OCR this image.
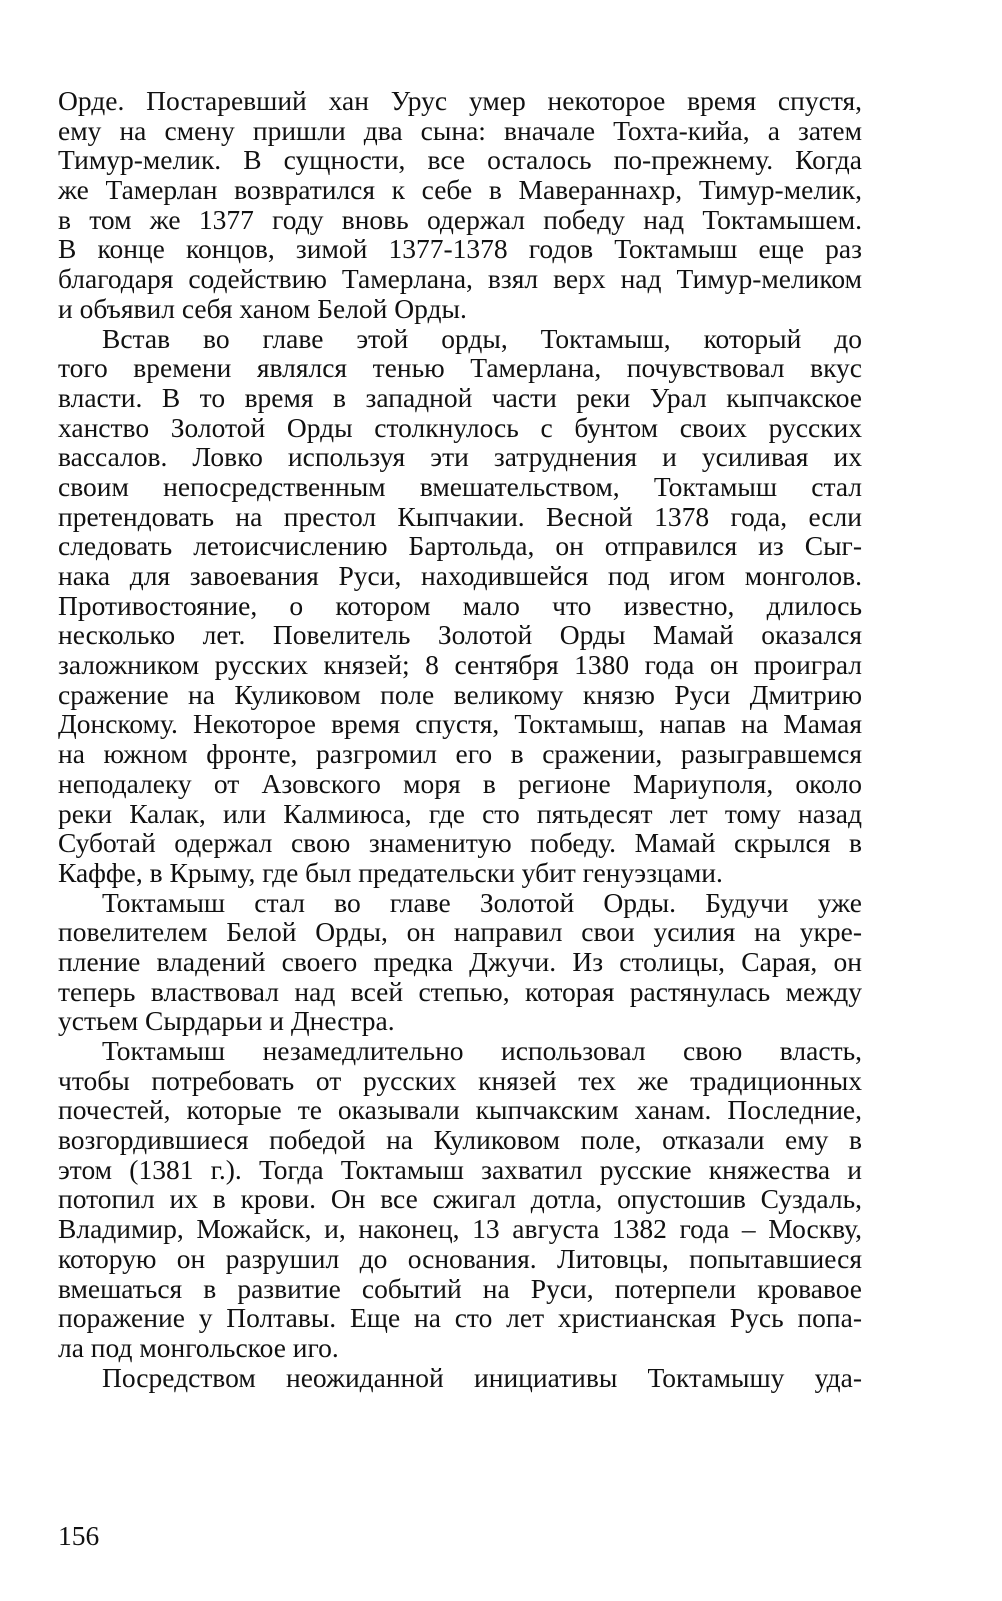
Орде. Постаревший хан Урус умер некоторое время спустя,
ему на смену пришли два сына: вначале Тохта-кийа, а затем
Тимур-мелик. В сущности, все осталось по-прежнему. Когда
же Тамерлан возвратился к себе в Мавераннахр, Тимур-мелик,
в том же 1377 году вновь одержал победу над Токтамышем.
В конце концов, зимой 1377-1378 годов Токтамыш еще раз
благодаря содействию Тамерлана, взял верх над Тимур-меликом
и объявил себя ханом Белой Орды.
Встав во главе этой орды, Токтамыш, который до
того времени являлся тенью Тамерлана, почувствовал вкус
власти. В то время в западной части реки Урал кыпчакское
ханство Золотой Орды столкнулось с бунтом своих русских
вассалов. Ловко используя эти затруднения и усиливая их
своим непосредственным вмешательством, Токтамыш стал
претендовать на престол Кыпчакии. Весной 1378 года, если
следовать летоисчислению Бартольда, он отправился из Сыг-
нака для завоевания Руси, находившейся под игом монголов.
Противостояние, о котором мало что известно, длилось
несколько лет. Повелитель Золотой Орды Мамай оказался
заложником русских князей; 8 сентября 1380 года он проиграл
сражение на Куликовом поле великому князю Руси Дмитрию
Донскому. Некоторое время спустя, Токтамыш, напав на Мамая
на южном фронте, разгромил его в сражении, разыгравшемся
неподалеку от Азовского моря в регионе Мариуполя, около
реки Калак, или Калмиюса, где сто пятьдесят лет тому назад
Суботай одержал свою знаменитую победу. Мамай скрылся в
Каффе, в Крыму, где был предательски убит генуэзцами.
Токтамыш стал во главе Золотой Орды. Будучи уже
повелителем Белой Орды, он направил свои усилия на укре-
пление владений своего предка Джучи. Из столицы, Сарая, он
теперь властвовал над всей степью, которая растянулась между
устьем Сырдарьи и Днестра.
Токтамыш незамедлительно использовал свою власть,
чтобы потребовать от русских князей тех же традиционных
почестей, которые те оказывали кыпчакским ханам. Последние,
возгордившиеся победой на Куликовом поле, отказали ему в
этом (1381 г.). Тогда Токтамыш захватил русские княжества и
потопил их в крови. Он все сжигал дотла, опустошив Суздаль,
Владимир, Можайск, и, наконец, 13 августа 1382 года – Москву,
которую он разрушил до основания. Литовцы, попытавшиеся
вмешаться в развитие событий на Руси, потерпели кровавое
поражение у Полтавы. Еще на сто лет христианская Русь попа-
ла под монгольское иго.
Посредством неожиданной инициативы Токтамышу уда-
156
